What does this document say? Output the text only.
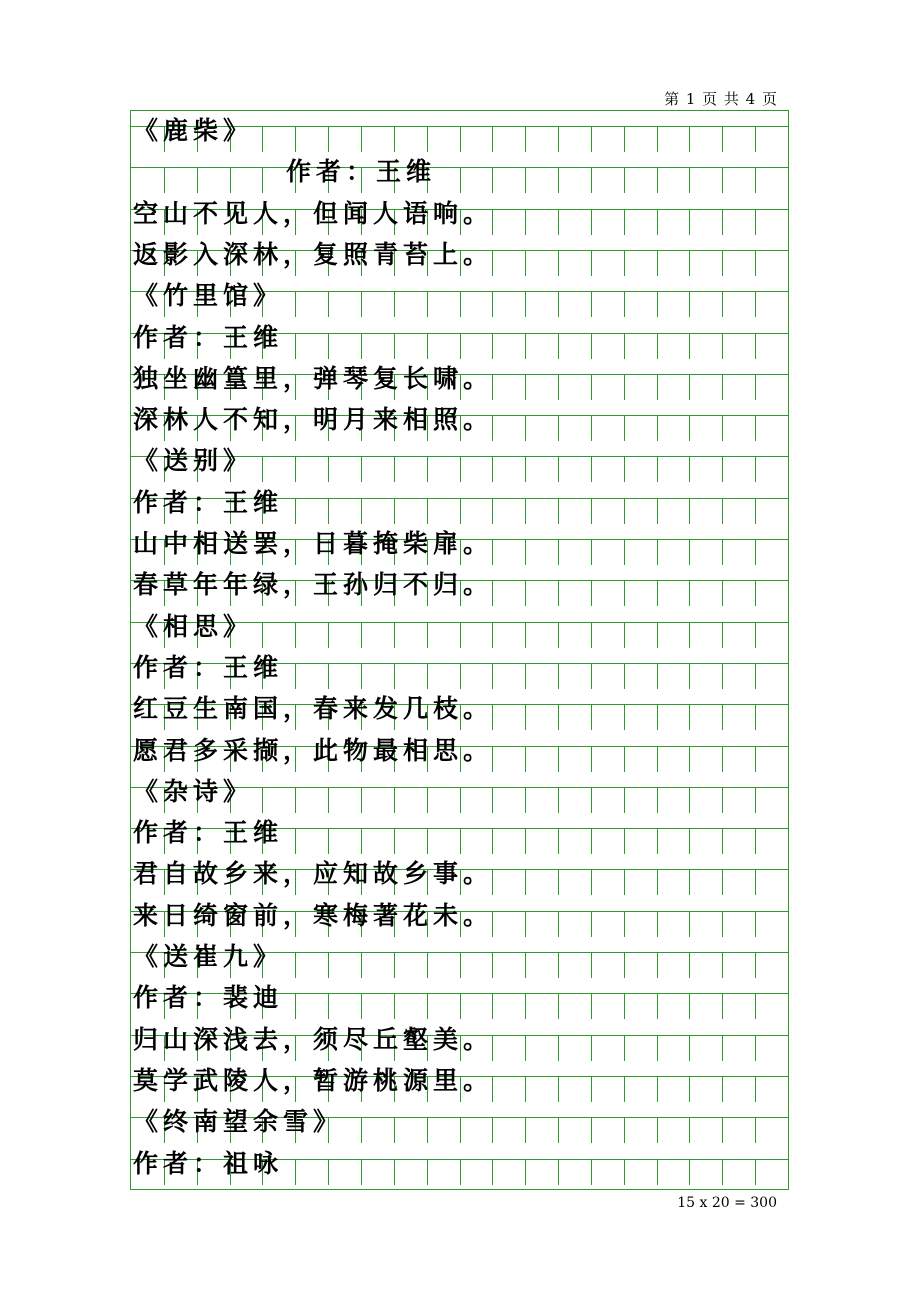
第 1 页 共 4 页
《鹿柴》
作者：王维
空山不见人，但闻人语响。
返影入深林，复照青苔上。
《竹里馆》
作者：王维
独坐幽篁里，弹琴复长啸。
深林人不知，明月来相照。
《送别》
作者：王维
山中相送罢，日暮掩柴扉。
春草年年绿，王孙归不归。
《相思》
作者：王维
红豆生南国，春来发几枝。
愿君多采撷，此物最相思。
《杂诗》
作者：王维
君自故乡来，应知故乡事。
来日绮窗前，寒梅著花未。
《送崔九》
作者：裴迪
归山深浅去，须尽丘壑美。
莫学武陵人，暂游桃源里。
《终南望余雪》
作者：祖咏
15 x 20 = 300
